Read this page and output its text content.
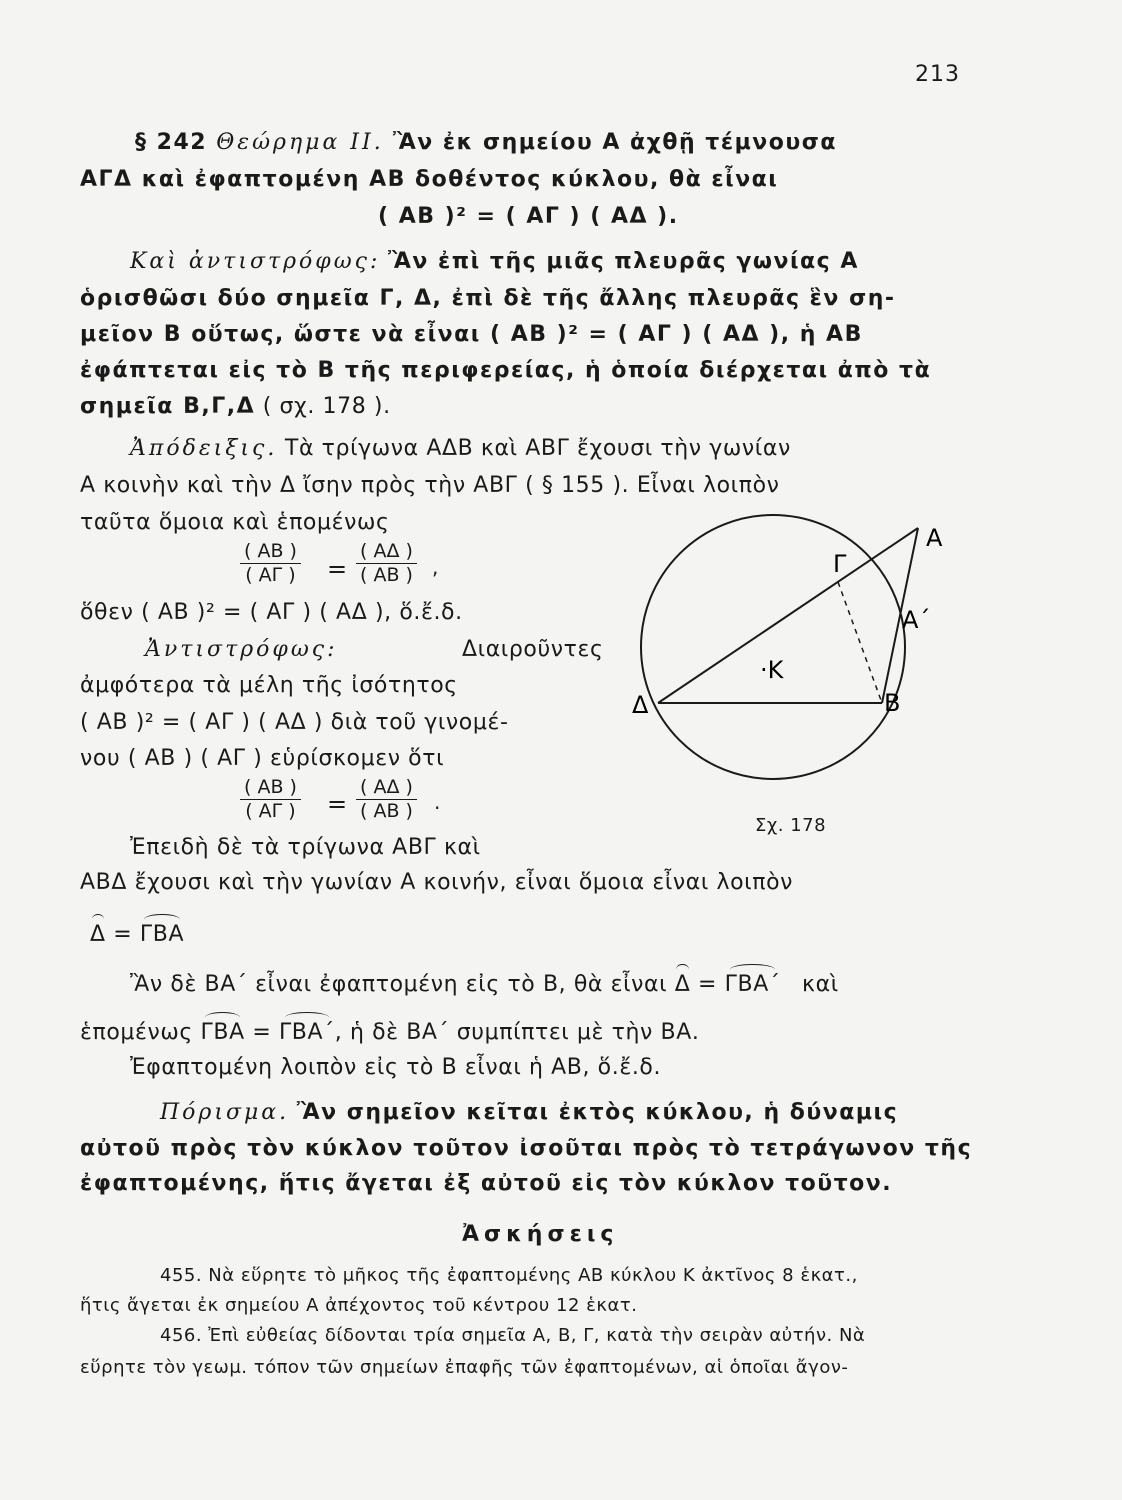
213
§ 242 Θεώρημα ΙΙ. Ἂν ἐκ σημείου Α ἀχθῇ τέμνουσα
ΑΓΔ καὶ ἐφαπτομένη ΑΒ δοθέντος κύκλου, θὰ εἶναι
( ΑΒ )² = ( ΑΓ ) ( ΑΔ ).
Καὶ ἀντιστρόφως: Ἂν ἐπὶ τῆς μιᾶς πλευρᾶς γωνίας Α
ὁρισθῶσι δύο σημεῖα Γ, Δ, ἐπὶ δὲ τῆς ἄλλης πλευρᾶς ἓν ση-
μεῖον Β οὕτως, ὥστε νὰ εἶναι ( ΑΒ )² = ( ΑΓ ) ( ΑΔ ), ἡ ΑΒ
ἐφάπτεται εἰς τὸ Β τῆς περιφερείας, ἡ ὁποία διέρχεται ἀπὸ τὰ
σημεῖα Β,Γ,Δ ( σχ. 178 ).
Ἀπόδειξις. Τὰ τρίγωνα ΑΔΒ καὶ ΑΒΓ ἔχουσι τὴν γωνίαν
Α κοινὴν καὶ τὴν Δ ἴσην πρὸς τὴν ΑΒΓ ( § 155 ). Εἶναι λοιπὸν
ταῦτα ὅμοια καὶ ἑπομένως
( ΑΒ )
( ΑΓ ) =
( ΑΔ )
( ΑΒ ) ,
ὅθεν ( ΑΒ )² = ( ΑΓ ) ( ΑΔ ), ὅ.ἔ.δ.
Ἀντιστρόφως:	Διαιροῦντες
ἀμφότερα τὰ μέλη τῆς ἰσότητος
( ΑΒ )² = ( ΑΓ ) ( ΑΔ ) διὰ τοῦ γινομέ-
νου ( ΑΒ ) ( ΑΓ ) εὑρίσκομεν ὅτι
( ΑΒ )
( ΑΓ ) =
( ΑΔ )
( ΑΒ ) .
Ἐπειδὴ δὲ τὰ τρίγωνα ΑΒΓ καὶ
ΑΒΔ ἔχουσι καὶ τὴν γωνίαν Α κοινήν, εἶναι ὅμοια εἶναι λοιπὸν
Δ = ΓΒΑ
Ἂν δὲ ΒΑ΄ εἶναι ἐφαπτομένη εἰς τὸ Β, θὰ εἶναι Δ = ΓΒΑ΄ καὶ
ἑπομένως ΓΒΑ = ΓΒΑ΄, ἡ δὲ ΒΑ΄ συμπίπτει μὲ τὴν ΒΑ.
Ἐφαπτομένη λοιπὸν εἰς τὸ Β εἶναι ἡ ΑΒ, ὅ.ἔ.δ.
Πόρισμα. Ἂν σημεῖον κεῖται ἐκτὸς κύκλου, ἡ δύναμις
αὐτοῦ πρὸς τὸν κύκλον τοῦτον ἰσοῦται πρὸς τὸ τετράγωνον τῆς
ἐφαπτομένης, ἥτις ἄγεται ἐξ αὐτοῦ εἰς τὸν κύκλον τοῦτον.
Ἀσκήσεις
455. Νὰ εὕρητε τὸ μῆκος τῆς ἐφαπτομένης ΑΒ κύκλου Κ ἀκτῖνος 8 ἑκατ.,
ἥτις ἄγεται ἐκ σημείου Α ἀπέχοντος τοῦ κέντρου 12 ἑκατ.
456. Ἐπὶ εὐθείας δίδονται τρία σημεῖα Α, Β, Γ, κατὰ τὴν σειρὰν αὐτήν. Νὰ
εὕρητε τὸν γεωμ. τόπον τῶν σημείων ἐπαφῆς τῶν ἐφαπτομένων, αἱ ὁποῖαι ἄγον-
Α
Α΄
Γ
Δ	Β
·Κ
Σχ. 178
